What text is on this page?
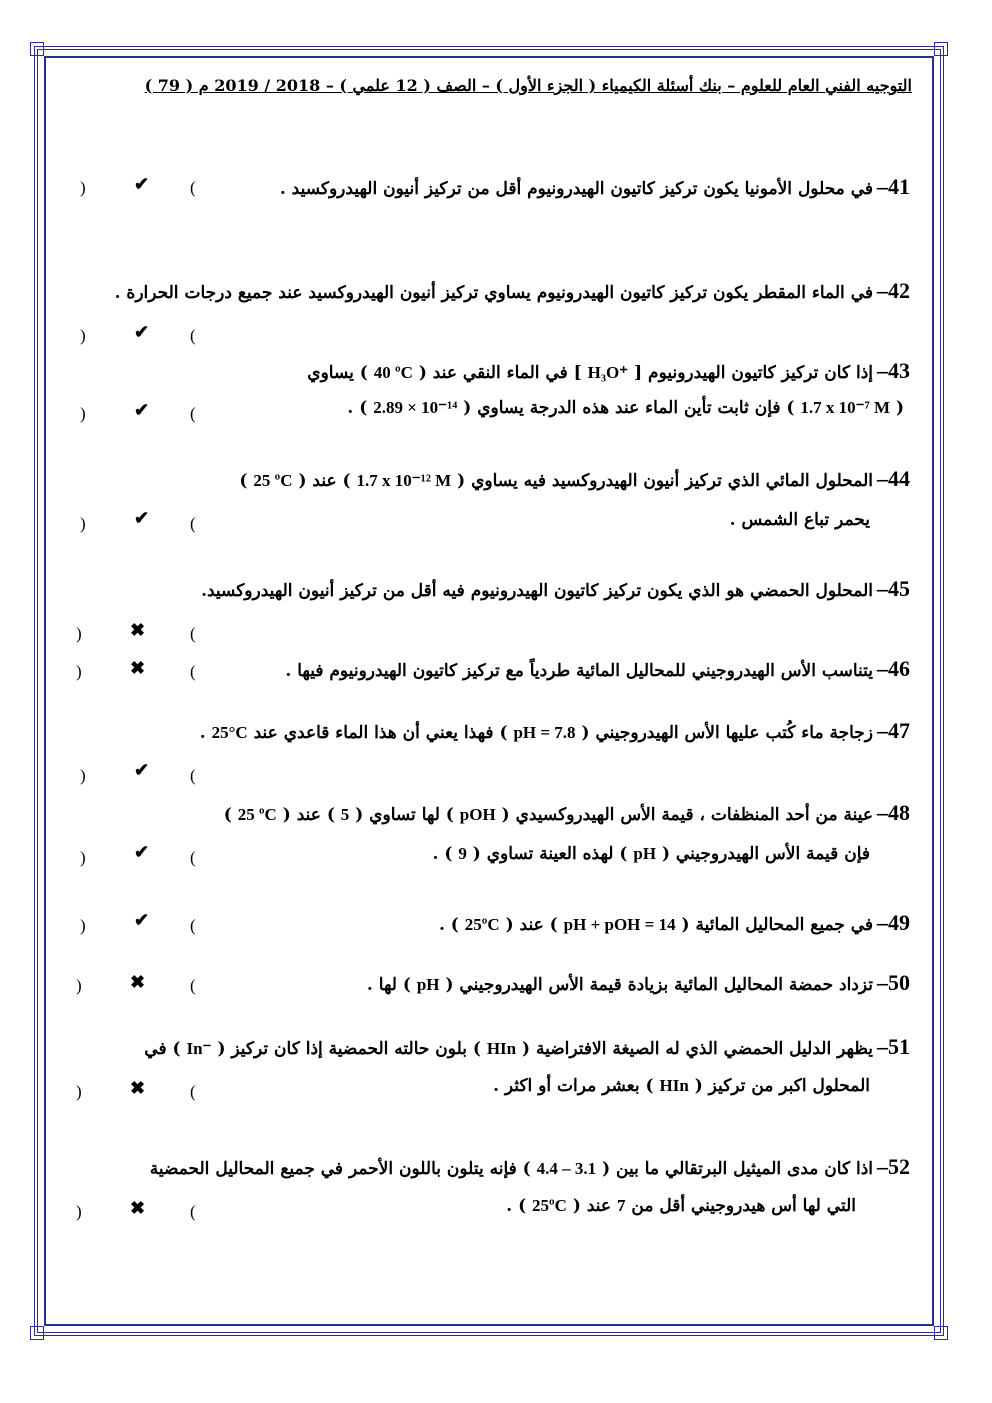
التوجيه الفني العام للعلوم – بنك أسئلة الكيمياء ( الجزء الأول ) – الصف ( 12 علمي ) – 2018 / 2019 م ( 79 )
41–في محلول الأمونيا يكون تركيز كاتيون الهيدرونيوم أقل من تركيز أنيون الهيدروكسيد .
(
✔
)
42–في الماء المقطر يكون تركيز كاتيون الهيدرونيوم يساوي تركيز أنيون الهيدروكسيد عند جميع درجات الحرارة .
(
✔
)
43–إذا كان تركيز كاتيون الهيدرونيوم [ H₃O⁺ ] في الماء النقي عند ( 40 ºC ) يساوي
( 1.7 x 10⁻⁷ M ) فإن ثابت تأين الماء عند هذه الدرجة يساوي ( 2.89 × 10⁻¹⁴ ) .
(
✔
)
44–المحلول المائي الذي تركيز أنيون الهيدروكسيد فيه يساوي ( 1.7 x 10⁻¹² M ) عند ( 25 ºC )
يحمر تباع الشمس .
(
✔
)
45–المحلول الحمضي هو الذي يكون تركيز كاتيون الهيدرونيوم فيه أقل من تركيز أنيون الهيدروكسيد.
(
✖
)
46–يتناسب الأس الهيدروجيني للمحاليل المائية طردياً مع تركيز كاتيون الهيدرونيوم فيها .
(
✖
)
47–زجاجة ماء كُتب عليها الأس الهيدروجيني ( pH = 7.8 ) فهذا يعني أن هذا الماء قاعدي عند 25°C .
(
✔
)
48–عينة من أحد المنظفات ، قيمة الأس الهيدروكسيدي ( pOH ) لها تساوي ( 5 ) عند ( 25 ºC )
فإن قيمة الأس الهيدروجيني ( pH ) لهذه العينة تساوي ( 9 ) .
(
✔
)
49–في جميع المحاليل المائية ( pH + pOH = 14 ) عند ( 25ºC ) .
(
✔
)
50–تزداد حمضة المحاليل المائية بزيادة قيمة الأس الهيدروجيني ( pH ) لها .
(
✖
)
51–يظهر الدليل الحمضي الذي له الصيغة الافتراضية ( HIn ) بلون حالته الحمضية إذا كان تركيز ( In⁻ ) في
المحلول اكبر من تركيز ( HIn ) بعشر مرات أو اكثر .
(
✖
)
52–اذا كان مدى الميثيل البرتقالي ما بين ( 4.4 – 3.1 ) فإنه يتلون باللون الأحمر في جميع المحاليل الحمضية
التي لها أس هيدروجيني أقل من 7 عند ( 25ºC ) .
(
✖
)
